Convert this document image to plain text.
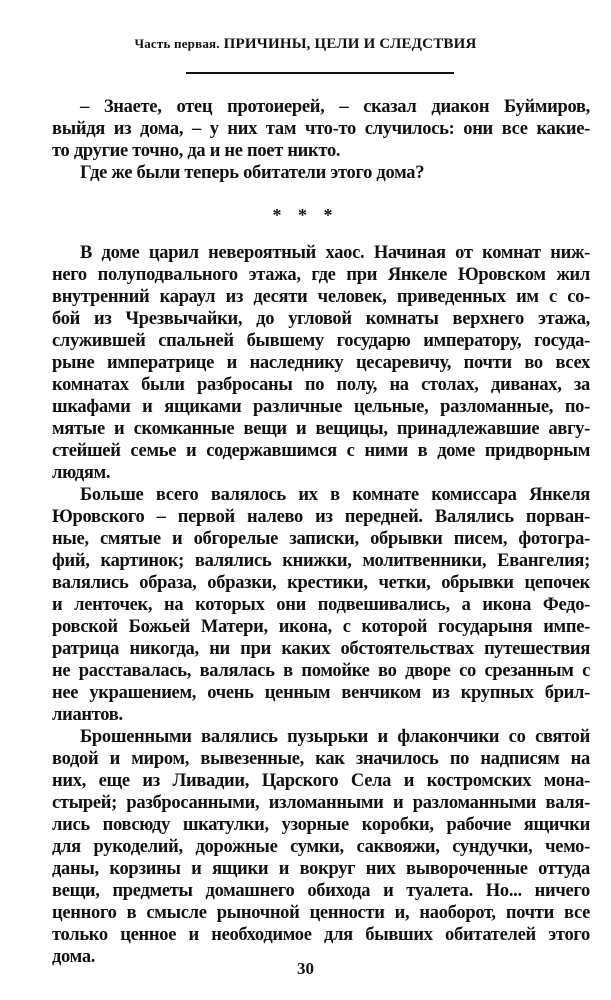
Часть первая. ПРИЧИНЫ, ЦЕЛИ И СЛЕДСТВИЯ
– Знаете, отец протоиерей, – сказал диакон Буймиров,
выйдя из дома, – у них там что-то случилось: они все какие-
то другие точно, да и не поет никто.
Где же были теперь обитатели этого дома?
* * *
В доме царил невероятный хаос. Начиная от комнат ниж-
него полуподвального этажа, где при Янкеле Юровском жил
внутренний караул из десяти человек, приведенных им с со-
бой из Чрезвычайки, до угловой комнаты верхнего этажа,
служившей спальней бывшему государю императору, госуда-
рыне императрице и наследнику цесаревичу, почти во всех
комнатах были разбросаны по полу, на столах, диванах, за
шкафами и ящиками различные цельные, разломанные, по-
мятые и скомканные вещи и вещицы, принадлежавшие авгу-
стейшей семье и содержавшимся с ними в доме придворным
людям.
Больше всего валялось их в комнате комиссара Янкеля
Юровского – первой налево из передней. Валялись порван-
ные, смятые и обгорелые записки, обрывки писем, фотогра-
фий, картинок; валялись книжки, молитвенники, Евангелия;
валялись образа, образки, крестики, четки, обрывки цепочек
и ленточек, на которых они подвешивались, а икона Федо-
ровской Божьей Матери, икона, с которой государыня импе-
ратрица никогда, ни при каких обстоятельствах путешествия
не расставалась, валялась в помойке во дворе со срезанным с
нее украшением, очень ценным венчиком из крупных брил-
лиантов.
Брошенными валялись пузырьки и флакончики со святой
водой и миром, вывезенные, как значилось по надписям на
них, еще из Ливадии, Царского Села и костромских мона-
стырей; разбросанными, изломанными и разломанными валя-
лись повсюду шкатулки, узорные коробки, рабочие ящички
для рукоделий, дорожные сумки, саквояжи, сундучки, чемо-
даны, корзины и ящики и вокруг них вывороченные оттуда
вещи, предметы домашнего обихода и туалета. Но... ничего
ценного в смысле рыночной ценности и, наоборот, почти все
только ценное и необходимое для бывших обитателей этого
дома.
30
